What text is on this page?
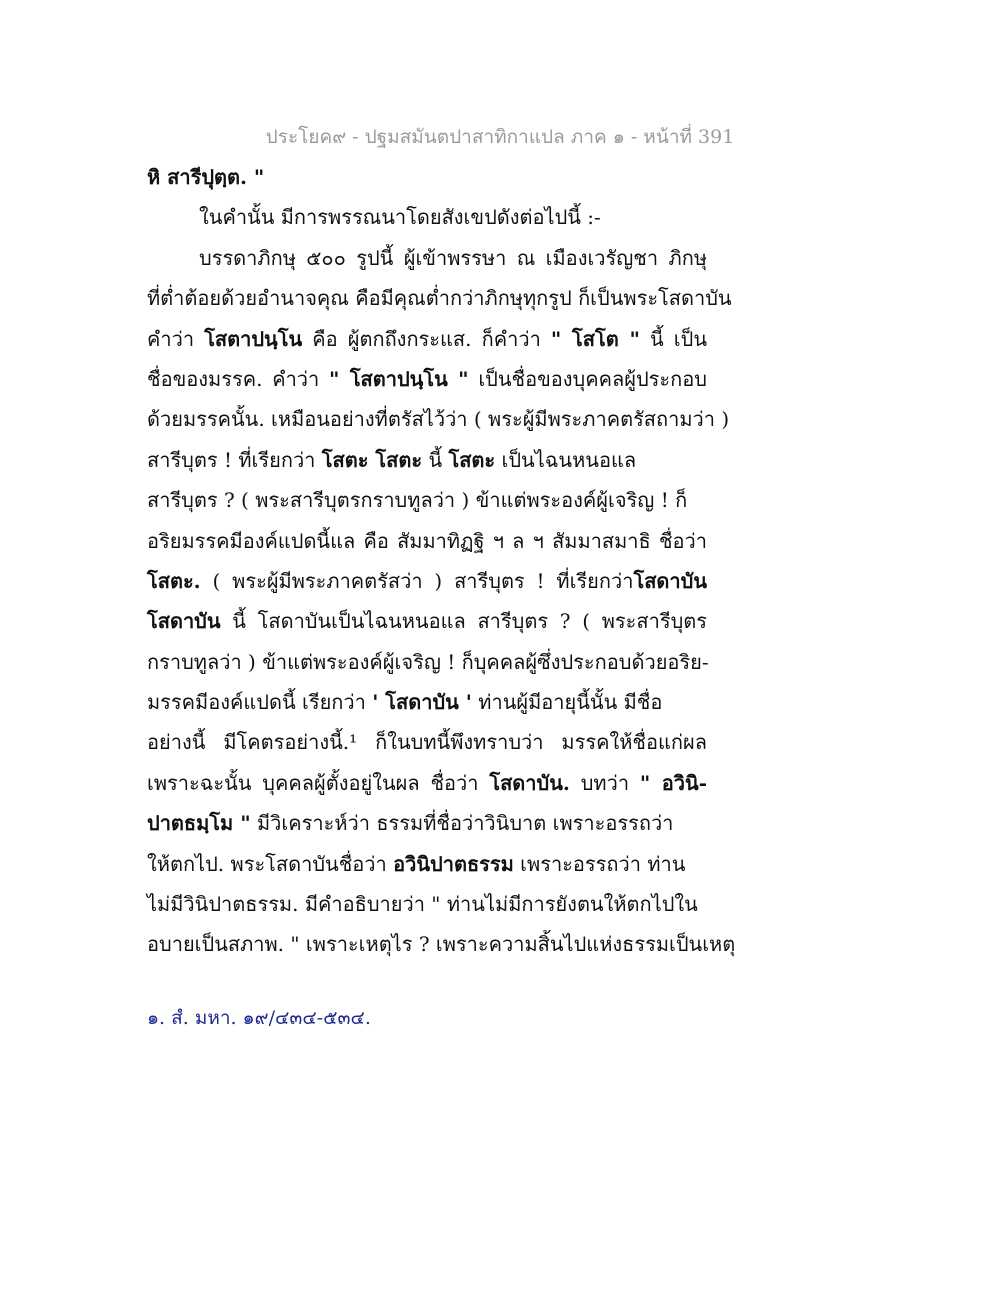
ประโยค๙ - ปฐมสมันตปาสาทิกาแปล ภาค ๑ - หน้าที่ 391
หิ สารีปุตฺต. "
ในคำนั้น มีการพรรณนาโดยสังเขปดังต่อไปนี้ :-
บรรดาภิกษุ ๕๐๐ รูปนี้ ผู้เข้าพรรษา ณ เมืองเวรัญชา ภิกษุ
ที่ต่ำต้อยด้วยอำนาจคุณ คือมีคุณต่ำกว่าภิกษุทุกรูป ก็เป็นพระโสดาบัน
คำว่า โสตาปนฺโน คือ ผู้ตกถึงกระแส. ก็คำว่า " โสโต " นี้ เป็น
ชื่อของมรรค. คำว่า " โสตาปนฺโน " เป็นชื่อของบุคคลผู้ประกอบ
ด้วยมรรคนั้น. เหมือนอย่างที่ตรัสไว้ว่า ( พระผู้มีพระภาคตรัสถามว่า )
สารีบุตร ! ที่เรียกว่า โสตะ โสตะ นี้ โสตะ เป็นไฉนหนอแล
สารีบุตร ? ( พระสารีบุตรกราบทูลว่า ) ข้าแต่พระองค์ผู้เจริญ ! ก็
อริยมรรคมีองค์แปดนี้แล คือ สัมมาทิฏฐิ ฯ ล ฯ สัมมาสมาธิ ชื่อว่า
โสตะ. ( พระผู้มีพระภาคตรัสว่า ) สารีบุตร ! ที่เรียกว่าโสดาบัน
โสดาบัน นี้ โสดาบันเป็นไฉนหนอแล สารีบุตร ? ( พระสารีบุตร
กราบทูลว่า ) ข้าแต่พระองค์ผู้เจริญ ! ก็บุคคลผู้ซึ่งประกอบด้วยอริย-
มรรคมีองค์แปดนี้ เรียกว่า ' โสดาบัน ' ท่านผู้มีอายุนี้นั้น มีชื่อ
อย่างนี้ มีโคตรอย่างนี้.¹ ก็ในบทนี้พึงทราบว่า มรรคให้ชื่อแก่ผล
เพราะฉะนั้น บุคคลผู้ตั้งอยู่ในผล ชื่อว่า โสดาบัน. บทว่า " อวินิ-
ปาตธมฺโม " มีวิเคราะห์ว่า ธรรมที่ชื่อว่าวินิบาต เพราะอรรถว่า
ให้ตกไป. พระโสดาบันชื่อว่า อวินิปาตธรรม เพราะอรรถว่า ท่าน
ไม่มีวินิปาตธรรม. มีคำอธิบายว่า " ท่านไม่มีการยังตนให้ตกไปใน
อบายเป็นสภาพ. " เพราะเหตุไร ? เพราะความสิ้นไปแห่งธรรมเป็นเหตุ
๑. สํ. มหา. ๑๙/๔๓๔-๕๓๔.
